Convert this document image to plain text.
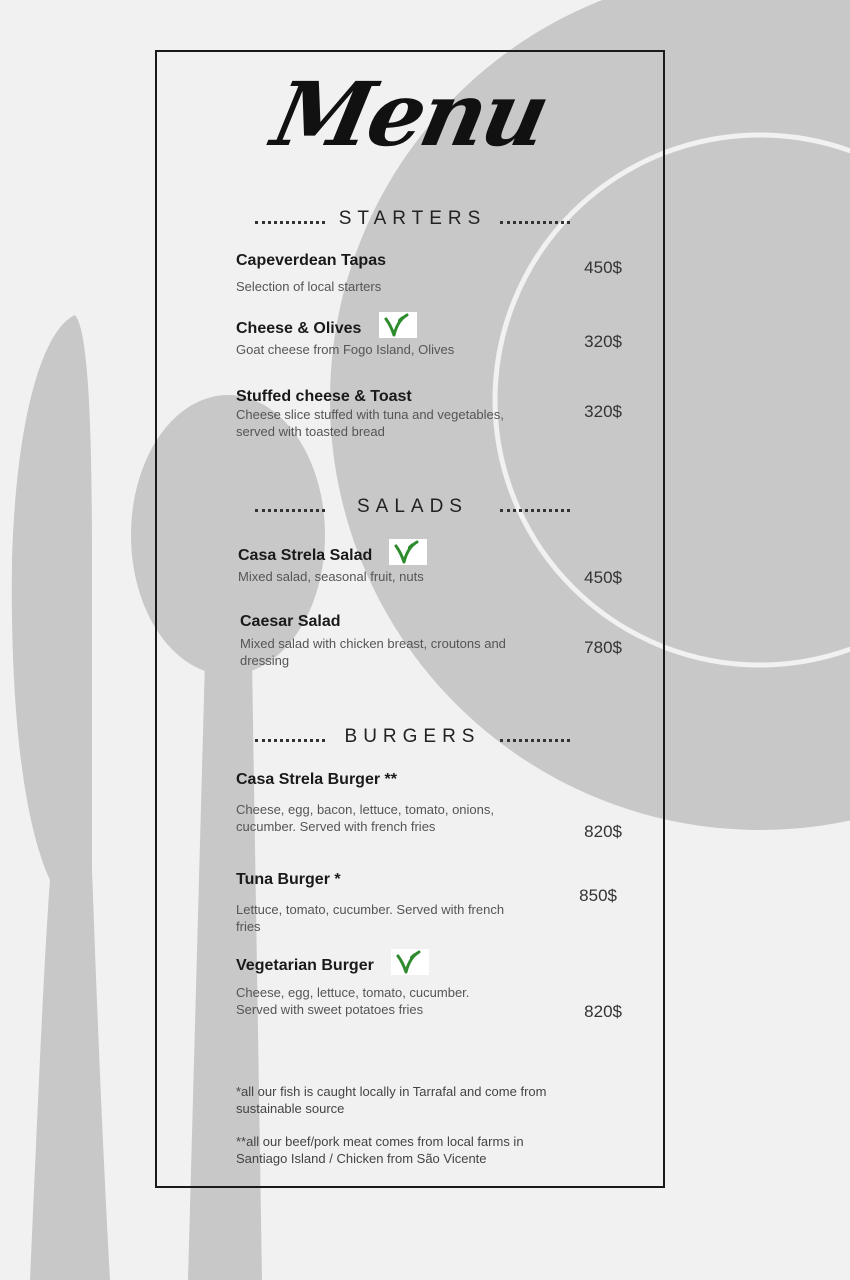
Menu
STARTERS
Capeverdean Tapas
Selection of local starters
450$
Cheese & Olives
Goat cheese from Fogo Island, Olives	320$
Stuffed cheese & Toast
Cheese slice stuffed with tuna and vegetables, served with toasted bread
320$
SALADS
Casa Strela Salad
Mixed salad, seasonal fruit, nuts	450$
Caesar Salad
Mixed salad with chicken breast, croutons and dressing
780$
BURGERS
Casa Strela Burger **
Cheese, egg, bacon, lettuce, tomato, onions, cucumber. Served with french fries	820$
Tuna Burger *
Lettuce, tomato, cucumber. Served with french fries
850$
Vegetarian Burger
Cheese, egg, lettuce, tomato, cucumber. Served with sweet potatoes fries	820$
*all our fish is caught locally in Tarrafal and come from sustainable source
**all our beef/pork meat comes from local farms in Santiago Island / Chicken from São Vicente
